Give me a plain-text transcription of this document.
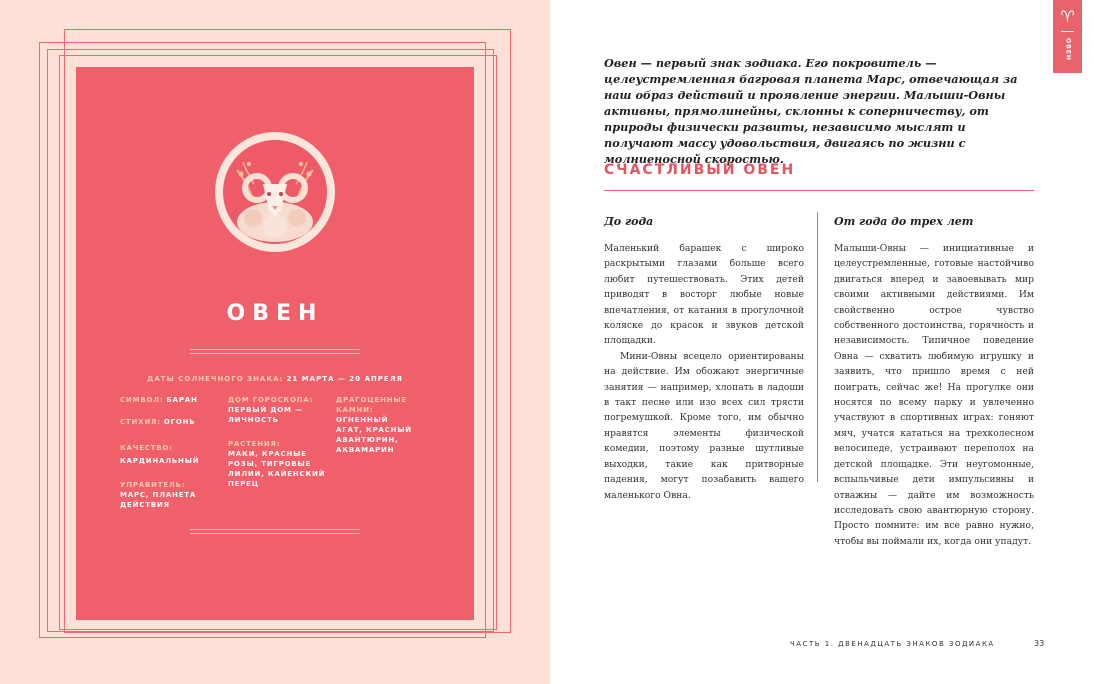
ОВЕН
ДАТЫ СОЛНЕЧНОГО ЗНАКА: 21 МАРТА — 20 АПРЕЛЯ
СИМВОЛ: БАРАН
СТИХИЯ: ОГОНЬ
КАЧЕСТВО:
КАРДИНАЛЬНЫЙ
УПРАВИТЕЛЬ:
МАРС, ПЛАНЕТА ДЕЙСТВИЯ
ДОМ ГОРОСКОПА:
ПЕРВЫЙ ДОМ — ЛИЧНОСТЬ
РАСТЕНИЯ:
МАКИ, КРАСНЫЕ РОЗЫ, ТИГРОВЫЕ ЛИЛИИ, КАЙЕНСКИЙ ПЕРЕЦ
ДРАГОЦЕННЫЕ КАМНИ:
ОГНЕННЫЙ АГАТ, КРАСНЫЙ АВАНТЮРИН, АКВАМАРИН
♈
ОВЕН
Овен — первый знак зодиака. Его покровитель — целеустремленная багровая планета Марс, отвечающая за наш образ действий и проявление энергии. Малыши-Овны активны, прямолинейны, склонны к соперничеству, от природы физически развиты, независимо мыслят и получают массу удовольствия, двигаясь по жизни с молниеносной скоростью.
СЧАСТЛИВЫЙ ОВЕН
До года

Маленький барашек с широко раскрытыми глазами больше всего любит путешествовать. Этих детей приводят в восторг любые новые впечатления, от катания в прогулочной коляске до красок и звуков детской площадки.

Мини-Овны всецело ориентированы на действие. Им обожают энергичные занятия — например, хлопать в ладоши в такт песне или изо всех сил трясти погремушкой. Кроме того, им обычно нравятся элементы физической комедии, поэтому разные шутливые выходки, такие как притворные падения, могут позабавить вашего маленького Овна.

От года до трех лет

Малыши-Овны — инициативные и целеустремленные, готовые настойчиво двигаться вперед и завоевывать мир своими активными действиями. Им свойственно острое чувство собственного достоинства, горячность и независимость. Типичное поведение Овна — схватить любимую игрушку и заявить, что пришло время с ней поиграть, сейчас же! На прогулке они носятся по всему парку и увлеченно участвуют в спортивных играх: гоняют мяч, учатся кататься на трехколесном велосипеде, устраивают переполох на детской площадке. Эти неугомонные, вспыльчивые дети импульсивны и отважны — дайте им возможность исследовать свою авантюрную сторону. Просто помните: им все равно нужно, чтобы вы поймали их, когда они упадут.

ЧАСТЬ 1. ДВЕНАДЦАТЬ ЗНАКОВ ЗОДИАКА	33
